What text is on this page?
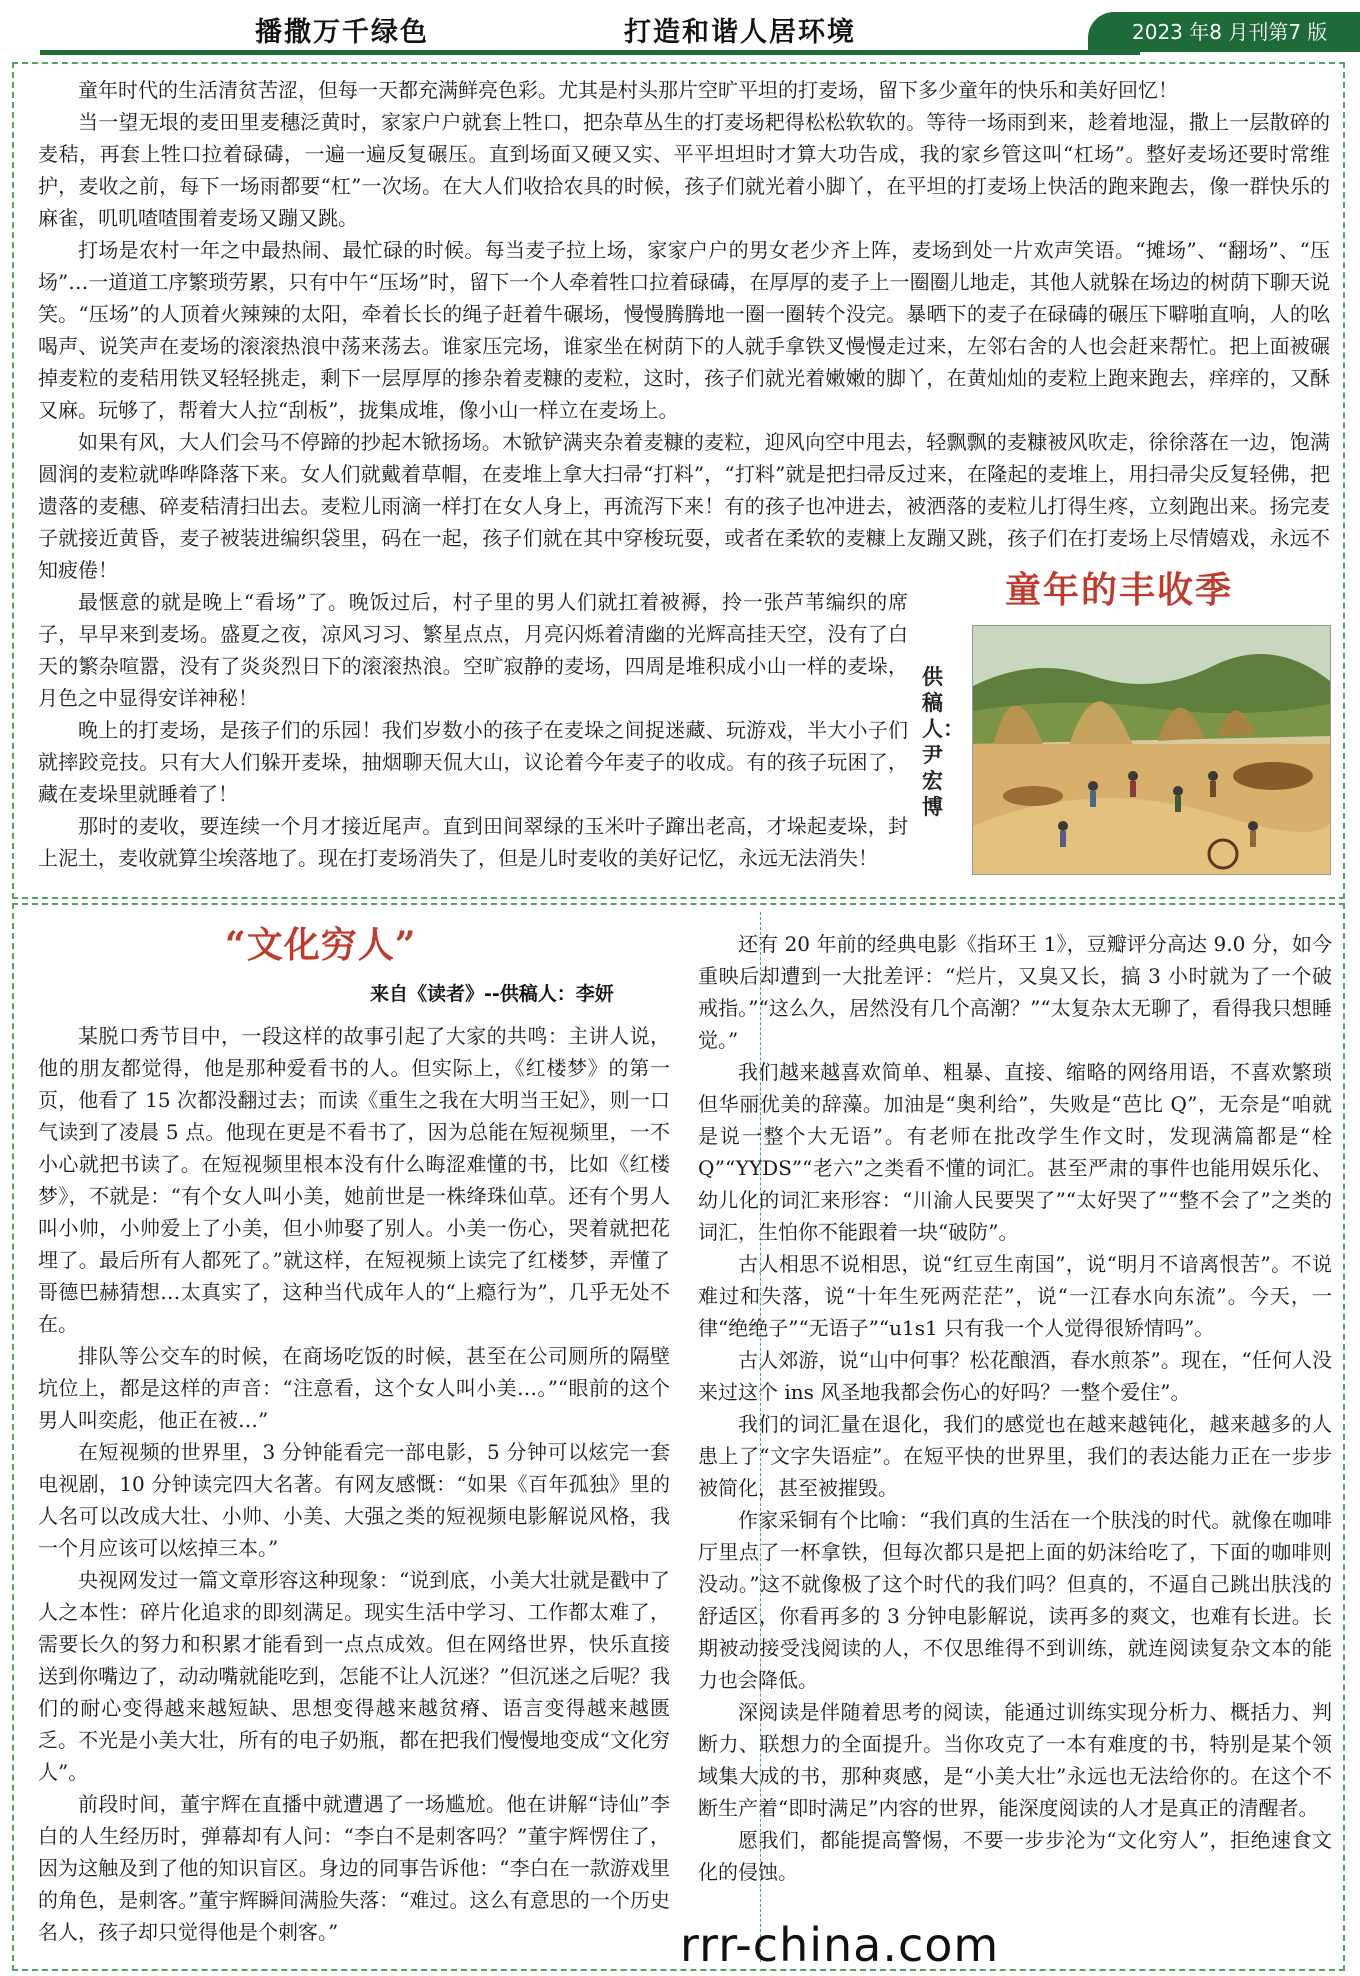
播撒万千绿色	打造和谐人居环境	2023 年8 月刊第7 版

童年时代的生活清贫苦涩，但每一天都充满鲜亮色彩。尤其是村头那片空旷平坦的打麦场，留下多少童年的快乐和美好回忆！

当一望无垠的麦田里麦穗泛黄时，家家户户就套上牲口，把杂草丛生的打麦场耙得松松软软的。等待一场雨到来，趁着地湿，撒上一层散碎的麦秸，再套上牲口拉着碌碡，一遍一遍反复碾压。直到场面又硬又实、平平坦坦时才算大功告成，我的家乡管这叫“杠场”。整好麦场还要时常维护，麦收之前，每下一场雨都要“杠”一次场。在大人们收拾农具的时候，孩子们就光着小脚丫，在平坦的打麦场上快活的跑来跑去，像一群快乐的麻雀，叽叽喳喳围着麦场又蹦又跳。

打场是农村一年之中最热闹、最忙碌的时候。每当麦子拉上场，家家户户的男女老少齐上阵，麦场到处一片欢声笑语。“摊场”、“翻场”、“压场”…一道道工序繁琐劳累，只有中午“压场”时，留下一个人牵着牲口拉着碌碡，在厚厚的麦子上一圈圈儿地走，其他人就躲在场边的树荫下聊天说笑。“压场”的人顶着火辣辣的太阳，牵着长长的绳子赶着牛碾场，慢慢腾腾地一圈一圈转个没完。暴晒下的麦子在碌碡的碾压下噼啪直响，人的吆喝声、说笑声在麦场的滚滚热浪中荡来荡去。谁家压完场，谁家坐在树荫下的人就手拿铁叉慢慢走过来，左邻右舍的人也会赶来帮忙。把上面被碾掉麦粒的麦秸用铁叉轻轻挑走，剩下一层厚厚的掺杂着麦糠的麦粒，这时，孩子们就光着嫩嫩的脚丫，在黄灿灿的麦粒上跑来跑去，痒痒的，又酥又麻。玩够了，帮着大人拉“刮板”，拢集成堆，像小山一样立在麦场上。

如果有风，大人们会马不停蹄的抄起木锨扬场。木锨铲满夹杂着麦糠的麦粒，迎风向空中甩去，轻飘飘的麦糠被风吹走，徐徐落在一边，饱满圆润的麦粒就哗哗降落下来。女人们就戴着草帽，在麦堆上拿大扫帚“打料”，“打料”就是把扫帚反过来，在隆起的麦堆上，用扫帚尖反复轻佛，把遗落的麦穗、碎麦秸清扫出去。麦粒儿雨滴一样打在女人身上，再流泻下来！有的孩子也冲进去，被洒落的麦粒儿打得生疼，立刻跑出来。扬完麦子就接近黄昏，麦子被装进编织袋里，码在一起，孩子们就在其中穿梭玩耍，或者在柔软的麦糠上友蹦又跳，孩子们在打麦场上尽情嬉戏，永远不知疲倦！

最惬意的就是晚上“看场”了。晚饭过后，村子里的男人们就扛着被褥，拎一张芦苇编织的席子，早早来到麦场。盛夏之夜，凉风习习、繁星点点，月亮闪烁着清幽的光辉高挂天空，没有了白天的繁杂喧嚣，没有了炎炎烈日下的滚滚热浪。空旷寂静的麦场，四周是堆积成小山一样的麦垛，月色之中显得安详神秘！

晚上的打麦场，是孩子们的乐园！我们岁数小的孩子在麦垛之间捉迷藏、玩游戏，半大小子们就摔跤竞技。只有大人们躲开麦垛，抽烟聊天侃大山，议论着今年麦子的收成。有的孩子玩困了，藏在麦垛里就睡着了！

那时的麦收，要连续一个月才接近尾声。直到田间翠绿的玉米叶子蹿出老高，才垛起麦垛，封上泥土，麦收就算尘埃落地了。现在打麦场消失了，但是儿时麦收的美好记忆，永远无法消失！

童年的丰收季
供稿人：尹宏博
“文化穷人”
来自《读者》--供稿人：李妍

某脱口秀节目中，一段这样的故事引起了大家的共鸣：主讲人说，他的朋友都觉得，他是那种爱看书的人。但实际上，《红楼梦》的第一页，他看了 15 次都没翻过去；而读《重生之我在大明当王妃》，则一口气读到了凌晨 5 点。他现在更是不看书了，因为总能在短视频里，一不小心就把书读了。在短视频里根本没有什么晦涩难懂的书，比如《红楼梦》，不就是：“有个女人叫小美，她前世是一株绛珠仙草。还有个男人叫小帅，小帅爱上了小美，但小帅娶了别人。小美一伤心，哭着就把花埋了。最后所有人都死了。”就这样，在短视频上读完了红楼梦，弄懂了哥德巴赫猜想…太真实了，这种当代成年人的“上瘾行为”，几乎无处不在。

排队等公交车的时候，在商场吃饭的时候，甚至在公司厕所的隔壁坑位上，都是这样的声音：“注意看，这个女人叫小美…。”“眼前的这个男人叫奕彪，他正在被…”

在短视频的世界里，3 分钟能看完一部电影，5 分钟可以炫完一套电视剧，10 分钟读完四大名著。有网友感慨：“如果《百年孤独》里的人名可以改成大壮、小帅、小美、大强之类的短视频电影解说风格，我一个月应该可以炫掉三本。”

央视网发过一篇文章形容这种现象：“说到底，小美大壮就是戳中了人之本性：碎片化追求的即刻满足。现实生活中学习、工作都太难了，需要长久的努力和积累才能看到一点点成效。但在网络世界，快乐直接送到你嘴边了，动动嘴就能吃到，怎能不让人沉迷？”但沉迷之后呢？我们的耐心变得越来越短缺、思想变得越来越贫瘠、语言变得越来越匮乏。不光是小美大壮，所有的电子奶瓶，都在把我们慢慢地变成“文化穷人”。

前段时间，董宇辉在直播中就遭遇了一场尴尬。他在讲解“诗仙”李白的人生经历时，弹幕却有人问：“李白不是刺客吗？”董宇辉愣住了，因为这触及到了他的知识盲区。身边的同事告诉他：“李白在一款游戏里的角色，是刺客。”董宇辉瞬间满脸失落：“难过。这么有意思的一个历史名人，孩子却只觉得他是个刺客。”

还有 20 年前的经典电影《指环王 1》，豆瓣评分高达 9.0 分，如今重映后却遭到一大批差评：“烂片，又臭又长，搞 3 小时就为了一个破戒指。”“这么久，居然没有几个高潮？”“太复杂太无聊了，看得我只想睡觉。”

我们越来越喜欢简单、粗暴、直接、缩略的网络用语，不喜欢繁琐但华丽优美的辞藻。加油是“奥利给”，失败是“芭比 Q”，无奈是“咱就是说一整个大无语”。有老师在批改学生作文时，发现满篇都是“栓 Q”“YYDS”“老六”之类看不懂的词汇。甚至严肃的事件也能用娱乐化、幼儿化的词汇来形容：“川渝人民要哭了”“太好哭了”“整不会了”之类的词汇，生怕你不能跟着一块“破防”。

古人相思不说相思，说“红豆生南国”，说“明月不谙离恨苦”。不说难过和失落，说“十年生死两茫茫”，说“一江春水向东流”。今天，一律“绝绝子”“无语子”“u1s1 只有我一个人觉得很矫情吗”。

古人郊游，说“山中何事？松花酿酒，春水煎茶”。现在，“任何人没来过这个 ins 风圣地我都会伤心的好吗？一整个爱住”。

我们的词汇量在退化，我们的感觉也在越来越钝化，越来越多的人患上了“文字失语症”。在短平快的世界里，我们的表达能力正在一步步被简化，甚至被摧毁。

作家采铜有个比喻：“我们真的生活在一个肤浅的时代。就像在咖啡厅里点了一杯拿铁，但每次都只是把上面的奶沫给吃了，下面的咖啡则没动。”这不就像极了这个时代的我们吗？但真的，不逼自己跳出肤浅的舒适区，你看再多的 3 分钟电影解说，读再多的爽文，也难有长进。长期被动接受浅阅读的人，不仅思维得不到训练，就连阅读复杂文本的能力也会降低。

深阅读是伴随着思考的阅读，能通过训练实现分析力、概括力、判断力、联想力的全面提升。当你攻克了一本有难度的书，特别是某个领域集大成的书，那种爽感，是“小美大壮”永远也无法给你的。在这个不断生产着“即时满足”内容的世界，能深度阅读的人才是真正的清醒者。

愿我们，都能提高警惕，不要一步步沦为“文化穷人”，拒绝速食文化的侵蚀。

rrr-china.com
